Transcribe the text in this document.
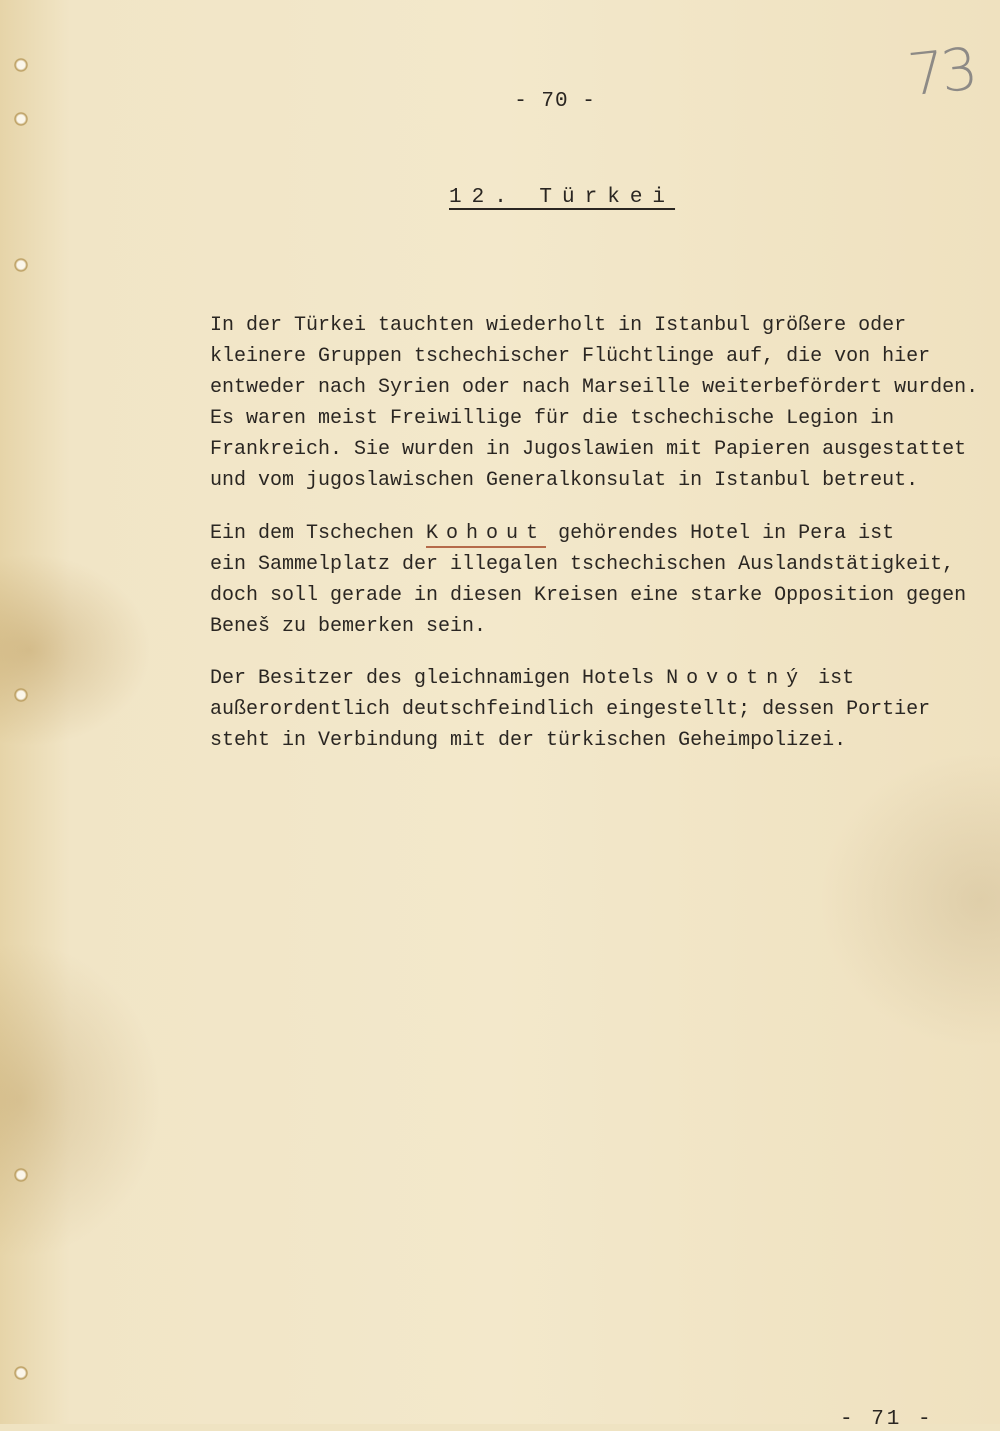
73
- 70 -
12. Türkei

In der Türkei tauchten wiederholt in Istanbul größere oder
kleinere Gruppen tschechischer Flüchtlinge auf, die von hier
entweder nach Syrien oder nach Marseille weiterbefördert wurden.
Es waren meist Freiwillige für die tschechische Legion in
Frankreich. Sie wurden in Jugoslawien mit Papieren ausgestattet
und vom jugoslawischen Generalkonsulat in Istanbul betreut.

Ein dem Tschechen Kohout gehörendes Hotel in Pera ist
ein Sammelplatz der illegalen tschechischen Auslandstätigkeit,
doch soll gerade in diesen Kreisen eine starke Opposition gegen
Beneš zu bemerken sein.

Der Besitzer des gleichnamigen Hotels Novotný ist
außerordentlich deutschfeindlich eingestellt; dessen Portier
steht in Verbindung mit der türkischen Geheimpolizei.

- 71 -
